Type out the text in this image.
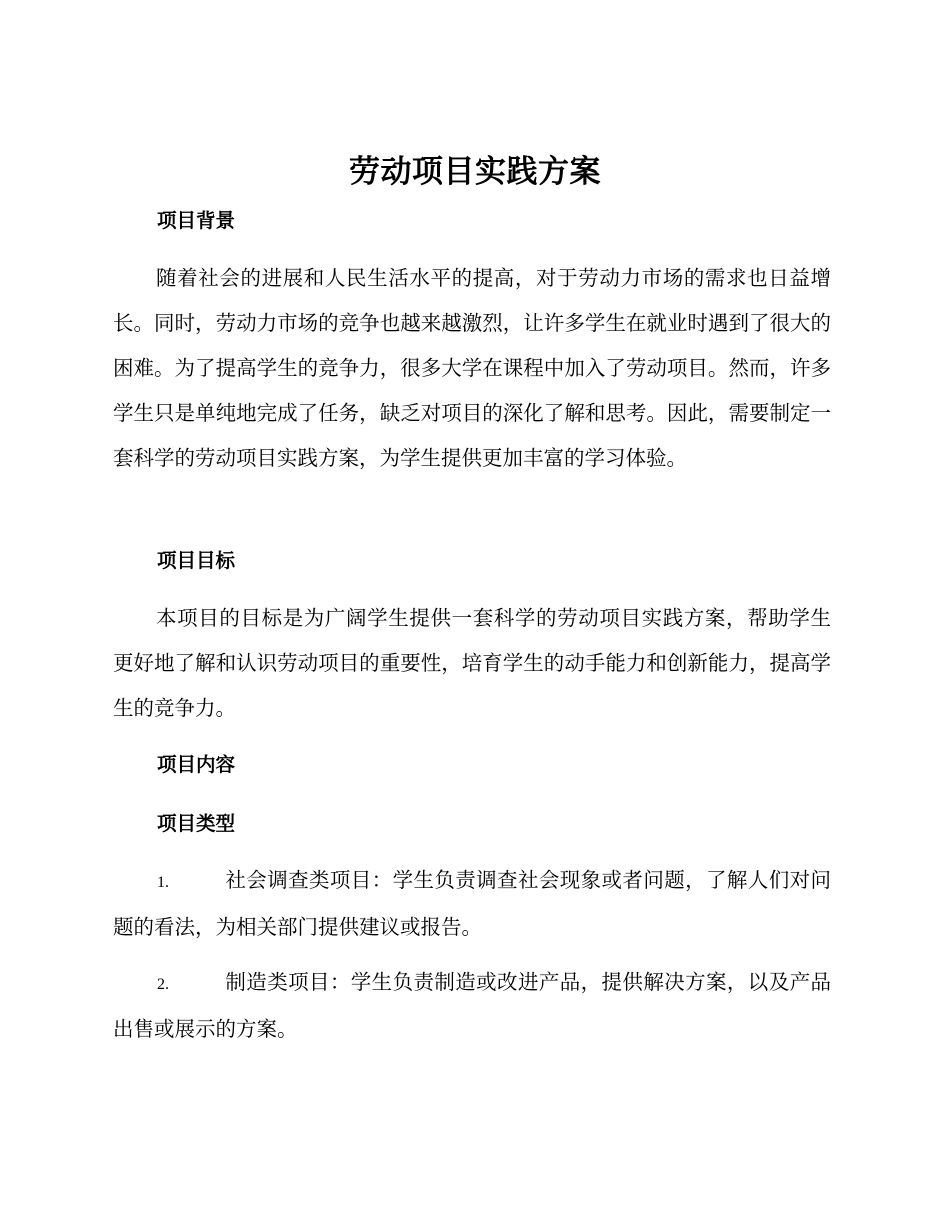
劳动项目实践方案
项目背景

随着社会的进展和人民生活水平的提高，对于劳动力市场的需求也日益增长。同时，劳动力市场的竞争也越来越激烈，让许多学生在就业时遇到了很大的困难。为了提高学生的竞争力，很多大学在课程中加入了劳动项目。然而，许多学生只是单纯地完成了任务，缺乏对项目的深化了解和思考。因此，需要制定一套科学的劳动项目实践方案，为学生提供更加丰富的学习体验。

项目目标

本项目的目标是为广阔学生提供一套科学的劳动项目实践方案，帮助学生更好地了解和认识劳动项目的重要性，培育学生的动手能力和创新能力，提高学生的竞争力。

项目内容
项目类型

1.	社会调查类项目：学生负责调查社会现象或者问题，了解人们对问题的看法，为相关部门提供建议或报告。

2.	制造类项目：学生负责制造或改进产品，提供解决方案，以及产品出售或展示的方案。
